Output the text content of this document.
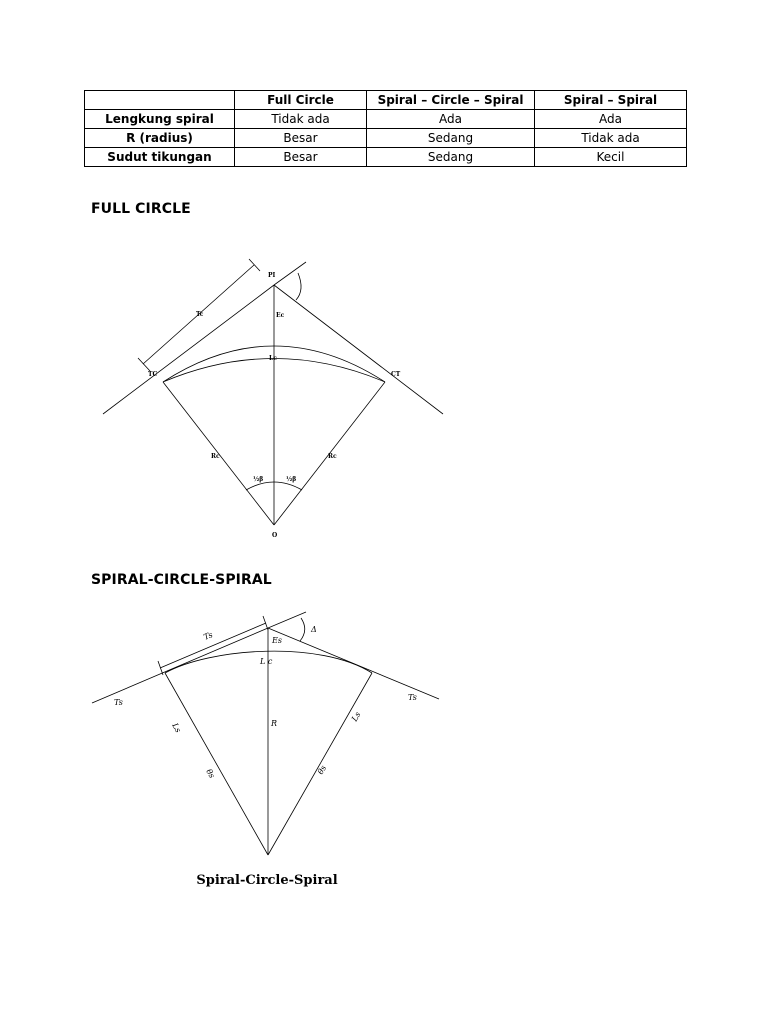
	Full Circle	Spiral – Circle – Spiral	Spiral – Spiral
Lengkung spiral	Tidak ada	Ada	Ada
R (radius)	Besar	Sedang	Tidak ada
Sudut tikungan	Besar	Sedang	Kecil
FULL CIRCLE
PI
Tc	Ec
Lc
TC	CT
Rc	Rc
½β	½β
O
SPIRAL-CIRCLE-SPIRAL
Ts
Ts
Ts
Δ
Es
L c
R
Ls
Ls
θs	θs
Spiral-Circle-Spiral
